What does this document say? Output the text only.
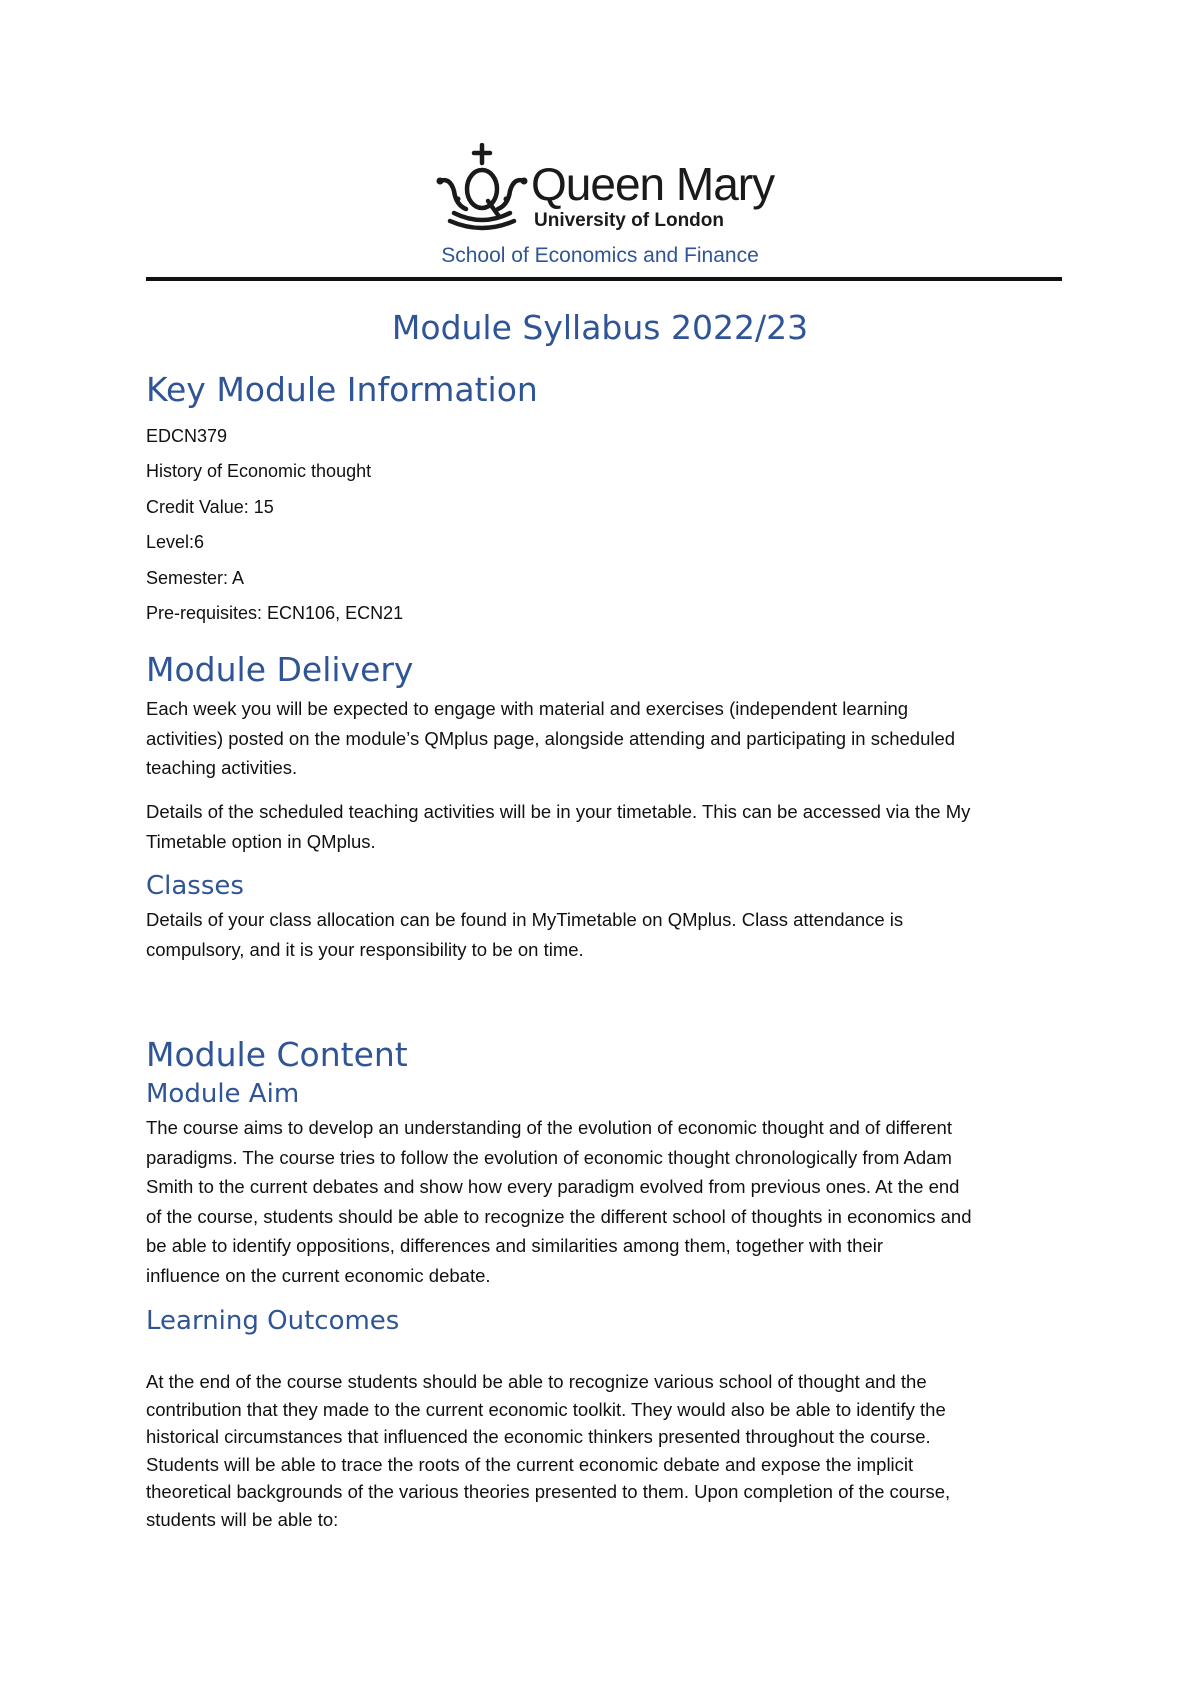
Queen Mary
University of London
School of Economics and Finance
Module Syllabus 2022/23
Key Module Information
EDCN379
History of Economic thought
Credit Value: 15
Level:6
Semester: A
Pre-requisites: ECN106, ECN21
Module Delivery
Each week you will be expected to engage with material and exercises (independent learning
activities) posted on the module’s QMplus page, alongside attending and participating in scheduled
teaching activities.
Details of the scheduled teaching activities will be in your timetable. This can be accessed via the My
Timetable option in QMplus.
Classes
Details of your class allocation can be found in MyTimetable on QMplus. Class attendance is
compulsory, and it is your responsibility to be on time.
Module Content
Module Aim
The course aims to develop an understanding of the evolution of economic thought and of different
paradigms. The course tries to follow the evolution of economic thought chronologically from Adam
Smith to the current debates and show how every paradigm evolved from previous ones. At the end
of the course, students should be able to recognize the different school of thoughts in economics and
be able to identify oppositions, differences and similarities among them, together with their
influence on the current economic debate.
Learning Outcomes
At the end of the course students should be able to recognize various school of thought and the
contribution that they made to the current economic toolkit. They would also be able to identify the
historical circumstances that influenced the economic thinkers presented throughout the course.
Students will be able to trace the roots of the current economic debate and expose the implicit
theoretical backgrounds of the various theories presented to them. Upon completion of the course,
students will be able to:
